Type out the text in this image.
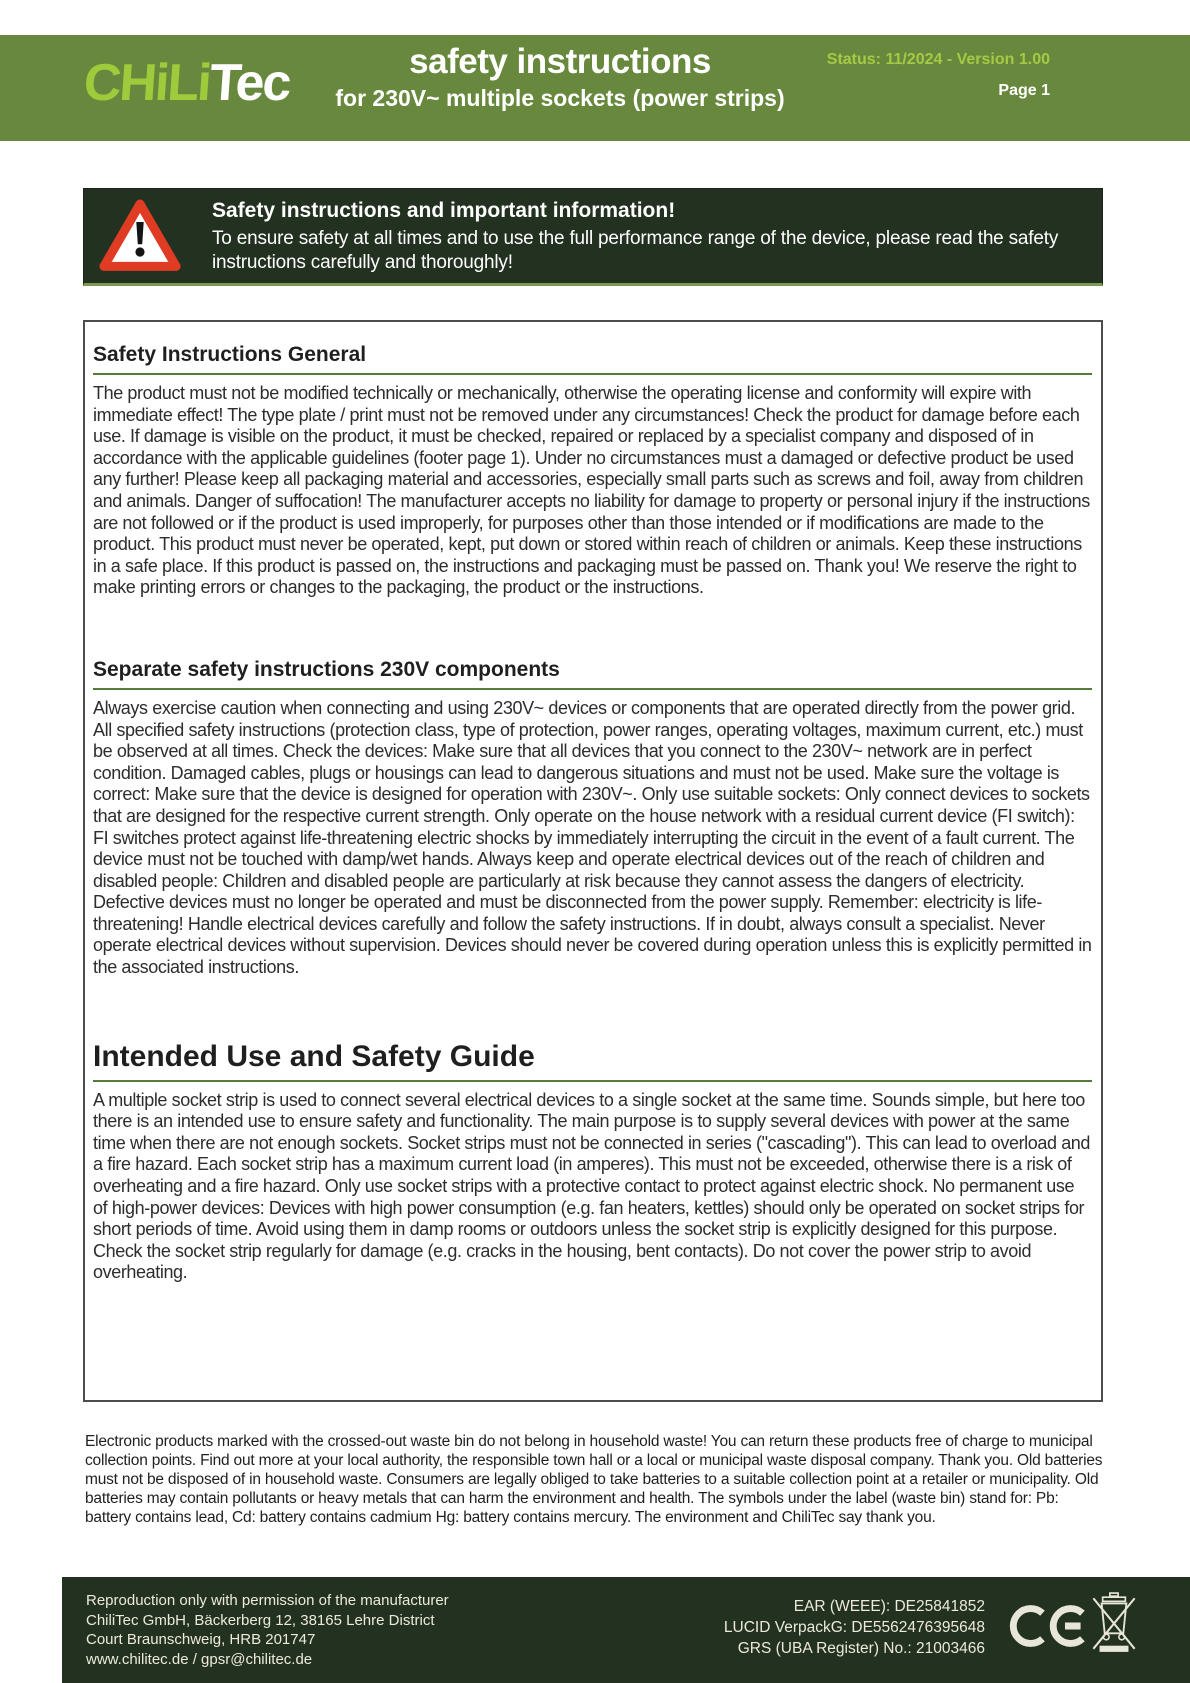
CHiLiTec	safety instructions
for 230V~ multiple sockets (power strips)
Status: 11/2024 - Version 1.00
Page 1
Safety instructions and important information!
To ensure safety at all times and to use the full performance range of the device, please read the safety instructions carefully and thoroughly!
Safety Instructions General

The product must not be modified technically or mechanically, otherwise the operating license and conformity will expire with immediate effect! The type plate / print must not be removed under any circumstances! Check the product for damage before each use. If damage is visible on the product, it must be checked, repaired or replaced by a specialist company and disposed of in accordance with the applicable guidelines (footer page 1). Under no circumstances must a damaged or defective product be used any further! Please keep all packaging material and accessories, especially small parts such as screws and foil, away from children and animals. Danger of suffocation! The manufacturer accepts no liability for damage to property or personal injury if the instructions are not followed or if the product is used improperly, for purposes other than those intended or if modifications are made to the product. This product must never be operated, kept, put down or stored within reach of children or animals. Keep these instructions in a safe place. If this product is passed on, the instructions and packaging must be passed on. Thank you! We reserve the right to make printing errors or changes to the packaging, the product or the instructions.

Separate safety instructions 230V components

Always exercise caution when connecting and using 230V~ devices or components that are operated directly from the power grid. All specified safety instructions (protection class, type of protection, power ranges, operating voltages, maximum current, etc.) must be observed at all times. Check the devices: Make sure that all devices that you connect to the 230V~ network are in perfect condition. Damaged cables, plugs or housings can lead to dangerous situations and must not be used. Make sure the voltage is correct: Make sure that the device is designed for operation with 230V~. Only use suitable sockets: Only connect devices to sockets that are designed for the respective current strength. Only operate on the house network with a residual current device (FI switch): FI switches protect against life-threatening electric shocks by immediately interrupting the circuit in the event of a fault current. The device must not be touched with damp/wet hands. Always keep and operate electrical devices out of the reach of children and disabled people: Children and disabled people are particularly at risk because they cannot assess the dangers of electricity. Defective devices must no longer be operated and must be disconnected from the power supply. Remember: electricity is life-threatening! Handle electrical devices carefully and follow the safety instructions. If in doubt, always consult a specialist. Never operate electrical devices without supervision. Devices should never be covered during operation unless this is explicitly permitted in the associated instructions.

Intended Use and Safety Guide

A multiple socket strip is used to connect several electrical devices to a single socket at the same time. Sounds simple, but here too there is an intended use to ensure safety and functionality. The main purpose is to supply several devices with power at the same time when there are not enough sockets. Socket strips must not be connected in series ("cascading"). This can lead to overload and a fire hazard. Each socket strip has a maximum current load (in amperes). This must not be exceeded, otherwise there is a risk of overheating and a fire hazard. Only use socket strips with a protective contact to protect against electric shock. No permanent use of high-power devices: Devices with high power consumption (e.g. fan heaters, kettles) should only be operated on socket strips for short periods of time. Avoid using them in damp rooms or outdoors unless the socket strip is explicitly designed for this purpose. Check the socket strip regularly for damage (e.g. cracks in the housing, bent contacts). Do not cover the power strip to avoid overheating.

Electronic products marked with the crossed-out waste bin do not belong in household waste! You can return these products free of charge to municipal collection points. Find out more at your local authority, the responsible town hall or a local or municipal waste disposal company. Thank you. Old batteries must not be disposed of in household waste. Consumers are legally obliged to take batteries to a suitable collection point at a retailer or municipality. Old batteries may contain pollutants or heavy metals that can harm the environment and health. The symbols under the label (waste bin) stand for: Pb: battery contains lead, Cd: battery contains cadmium Hg: battery contains mercury. The environment and ChiliTec say thank you.
Reproduction only with permission of the manufacturer
ChiliTec GmbH, Bäckerberg 12, 38165 Lehre District
Court Braunschweig, HRB 201747
www.chilitec.de / gpsr@chilitec.de
EAR (WEEE): DE25841852
LUCID VerpackG: DE5562476395648
GRS (UBA Register) No.: 21003466
